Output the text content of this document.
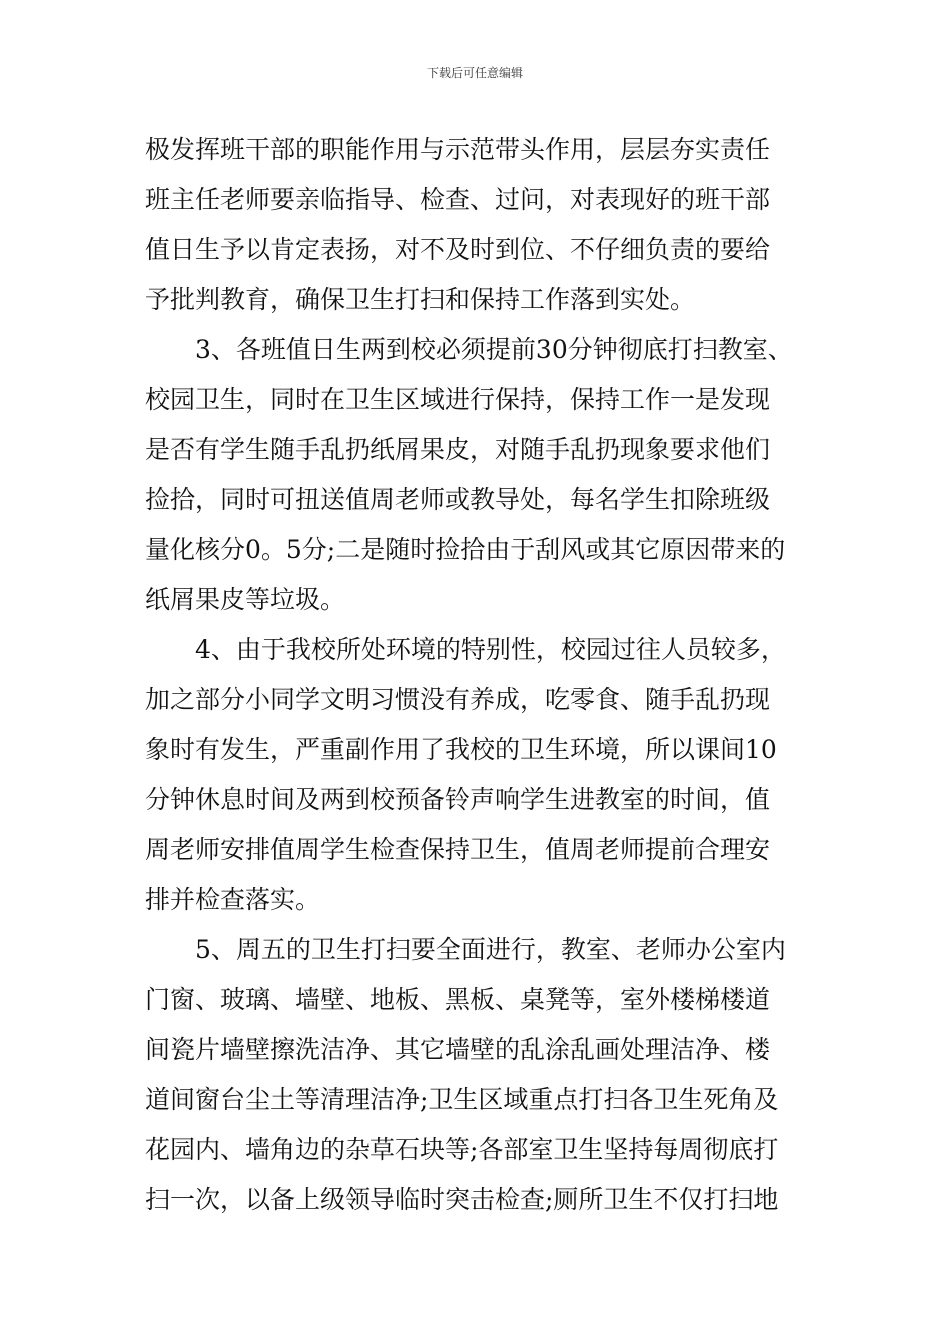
下载后可任意编辑
极发挥班干部的职能作用与示范带头作用，层层夯实责任
班主任老师要亲临指导、检查、过问，对表现好的班干部
值日生予以肯定表扬，对不及时到位、不仔细负责的要给
予批判教育，确保卫生打扫和保持工作落到实处。
3、各班值日生两到校必须提前30分钟彻底打扫教室、
校园卫生，同时在卫生区域进行保持，保持工作一是发现
是否有学生随手乱扔纸屑果皮，对随手乱扔现象要求他们
捡拾，同时可扭送值周老师或教导处，每名学生扣除班级
量化核分0。5分;二是随时捡拾由于刮风或其它原因带来的
纸屑果皮等垃圾。
4、由于我校所处环境的特别性，校园过往人员较多，
加之部分小同学文明习惯没有养成，吃零食、随手乱扔现
象时有发生，严重副作用了我校的卫生环境，所以课间10
分钟休息时间及两到校预备铃声响学生进教室的时间，值
周老师安排值周学生检查保持卫生，值周老师提前合理安
排并检查落实。
5、周五的卫生打扫要全面进行，教室、老师办公室内
门窗、玻璃、墙壁、地板、黑板、桌凳等，室外楼梯楼道
间瓷片墙壁擦洗洁净、其它墙壁的乱涂乱画处理洁净、楼
道间窗台尘土等清理洁净;卫生区域重点打扫各卫生死角及
花园内、墙角边的杂草石块等;各部室卫生坚持每周彻底打
扫一次，以备上级领导临时突击检查;厕所卫生不仅打扫地
